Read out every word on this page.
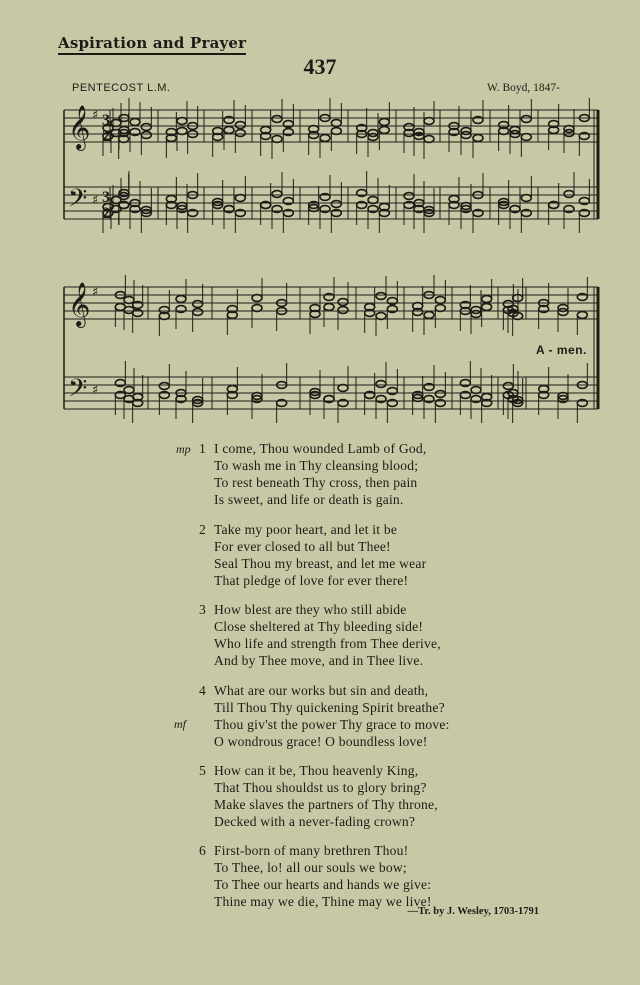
Aspiration and Prayer
437
PENTECOST L.M.	W. Boyd, 1847-
𝄞
𝄢
♯
♯
3
2
3
2
𝄞
𝄢
♯
♯
A - men.
mp 1 I come, Thou wounded Lamb of God,
To wash me in Thy cleansing blood;
To rest beneath Thy cross, then pain
Is sweet, and life or death is gain.
2 Take my poor heart, and let it be
For ever closed to all but Thee!
Seal Thou my breast, and let me wear
That pledge of love for ever there!
3 How blest are they who still abide
Close sheltered at Thy bleeding side!
Who life and strength from Thee derive,
And by Thee move, and in Thee live.
4 What are our works but sin and death,
Till Thou Thy quickening Spirit breathe?
mf Thou giv'st the power Thy grace to move:
O wondrous grace! O boundless love!
5 How can it be, Thou heavenly King,
That Thou shouldst us to glory bring?
Make slaves the partners of Thy throne,
Decked with a never-fading crown?
6 First-born of many brethren Thou!
To Thee, lo! all our souls we bow;
To Thee our hearts and hands we give:
Thine may we die, Thine may we live!
—Tr. by J. Wesley, 1703-1791
